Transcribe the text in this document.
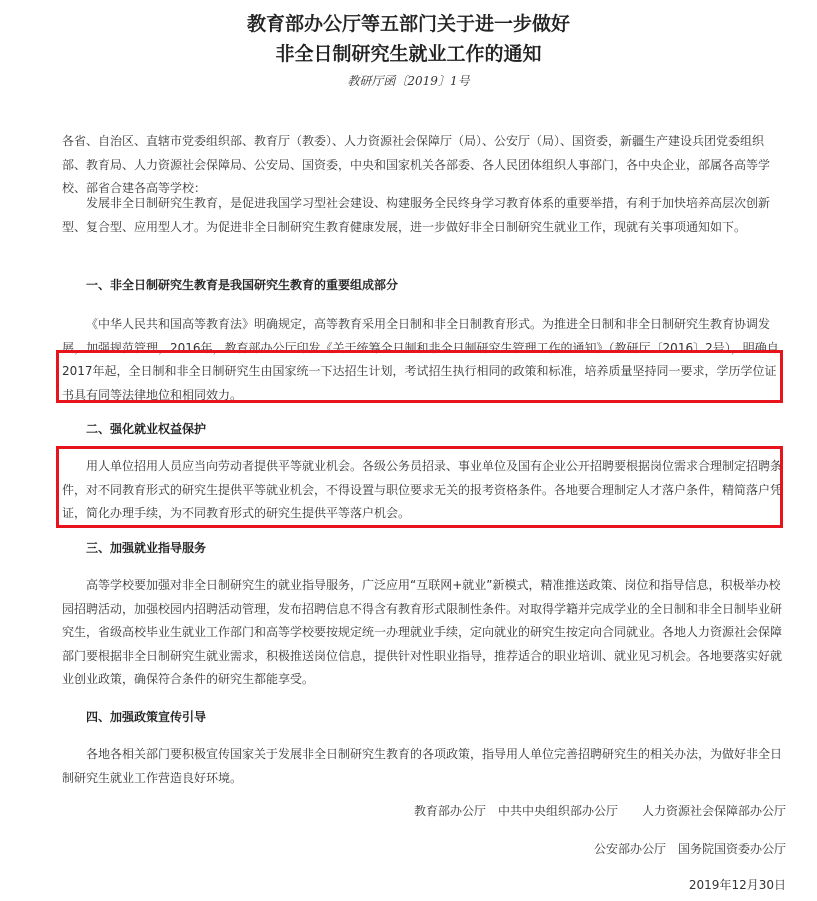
教育部办公厅等五部门关于进一步做好
非全日制研究生就业工作的通知
教研厅函〔2019〕1号
各省、自治区、直辖市党委组织部、教育厅（教委）、人力资源社会保障厅（局）、公安厅（局）、国资委，新疆生产建设兵团党委组织部、教育局、人力资源社会保障局、公安局、国资委，中央和国家机关各部委、各人民团体组织人事部门，各中央企业，部属各高等学校、部省合建各高等学校：
发展非全日制研究生教育，是促进我国学习型社会建设、构建服务全民终身学习教育体系的重要举措，有利于加快培养高层次创新型、复合型、应用型人才。为促进非全日制研究生教育健康发展，进一步做好非全日制研究生就业工作，现就有关事项通知如下。
一、非全日制研究生教育是我国研究生教育的重要组成部分
《中华人民共和国高等教育法》明确规定，高等教育采用全日制和非全日制教育形式。为推进全日制和非全日制研究生教育协调发展，加强规范管理，2016年，教育部办公厅印发《关于统筹全日制和非全日制研究生管理工作的通知》（教研厅〔2016〕2号），明确自2017年起，全日制和非全日制研究生由国家统一下达招生计划，考试招生执行相同的政策和标准，培养质量坚持同一要求，学历学位证书具有同等法律地位和相同效力。
二、强化就业权益保护
用人单位招用人员应当向劳动者提供平等就业机会。各级公务员招录、事业单位及国有企业公开招聘要根据岗位需求合理制定招聘条件，对不同教育形式的研究生提供平等就业机会，不得设置与职位要求无关的报考资格条件。各地要合理制定人才落户条件，精简落户凭证，简化办理手续，为不同教育形式的研究生提供平等落户机会。
三、加强就业指导服务
高等学校要加强对非全日制研究生的就业指导服务，广泛应用“互联网+就业”新模式，精准推送政策、岗位和指导信息，积极举办校园招聘活动，加强校园内招聘活动管理，发布招聘信息不得含有教育形式限制性条件。对取得学籍并完成学业的全日制和非全日制毕业研究生，省级高校毕业生就业工作部门和高等学校要按规定统一办理就业手续，定向就业的研究生按定向合同就业。各地人力资源社会保障部门要根据非全日制研究生就业需求，积极推送岗位信息，提供针对性职业指导，推荐适合的职业培训、就业见习机会。各地要落实好就业创业政策，确保符合条件的研究生都能享受。
四、加强政策宣传引导
各地各相关部门要积极宣传国家关于发展非全日制研究生教育的各项政策，指导用人单位完善招聘研究生的相关办法，为做好非全日制研究生就业工作营造良好环境。
教育部办公厅　中共中央组织部办公厅　　人力资源社会保障部办公厅
公安部办公厅　国务院国资委办公厅
2019年12月30日
